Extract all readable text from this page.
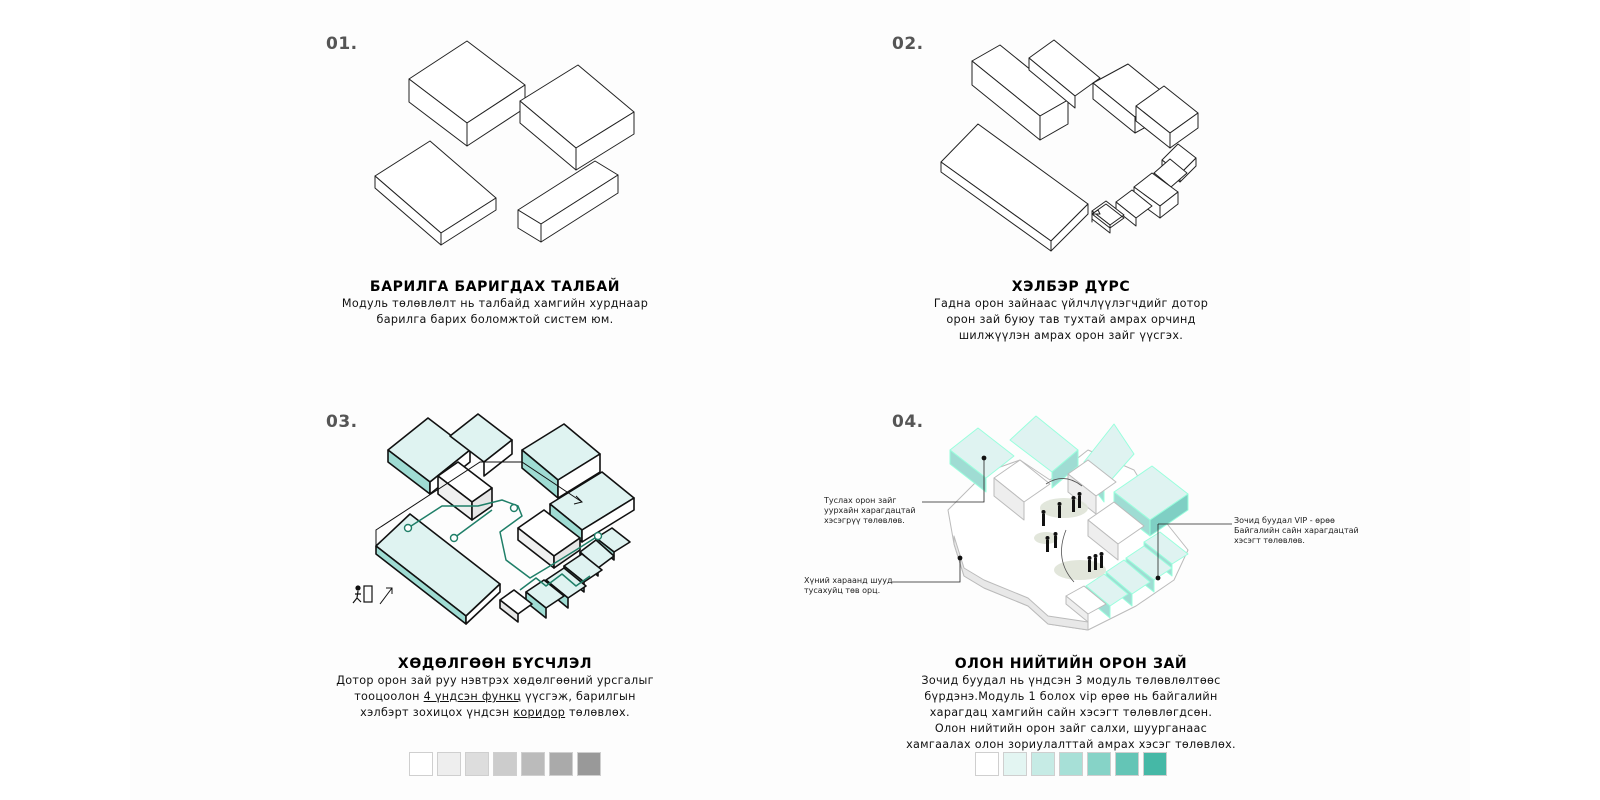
01.	02.
03.	04.
Туслах орон зайг
уурхайн харагдацтай
хэсэгрүү төлөвлөв.
Хүний хараанд шууд
тусахуйц төв орц.
Зочид буудал VIP - өрөө
Байгалийн сайн харагдацтай
хэсэгт төлөвлөв.
БАРИЛГА БАРИГДАХ ТАЛБАЙ

Модуль төлөвлөлт нь талбайд хамгийн хурднаар

барилга барих боломжтой систем юм.

ХЭЛБЭР ДҮРС

Гадна орон зайнаас үйлчлүүлэгчдийг дотор

орон зай буюу тав тухтай амрах орчинд

шилжүүлэн амрах орон зайг үүсгэх.

ХӨДӨЛГӨӨН БҮСЧЛЭЛ

Дотор орон зай руу нэвтрэх хөдөлгөөний урсгалыг

тооцоолон 4 үндсэн функц үүсгэж, барилгын

хэлбэрт зохицох үндсэн коридор төлөвлөх.

ОЛОН НИЙТИЙН ОРОН ЗАЙ

Зочид буудал нь үндсэн 3 модуль төлөвлөлтөөс

бүрдэнэ.Модуль 1 болох vip өрөө нь байгалийн

харагдац хамгийн сайн хэсэгт төлөвлөгдсөн.

Олон нийтийн орон зайг салхи, шуурганаас

хамгаалах олон зориулалттай амрах хэсэг төлөвлөх.
